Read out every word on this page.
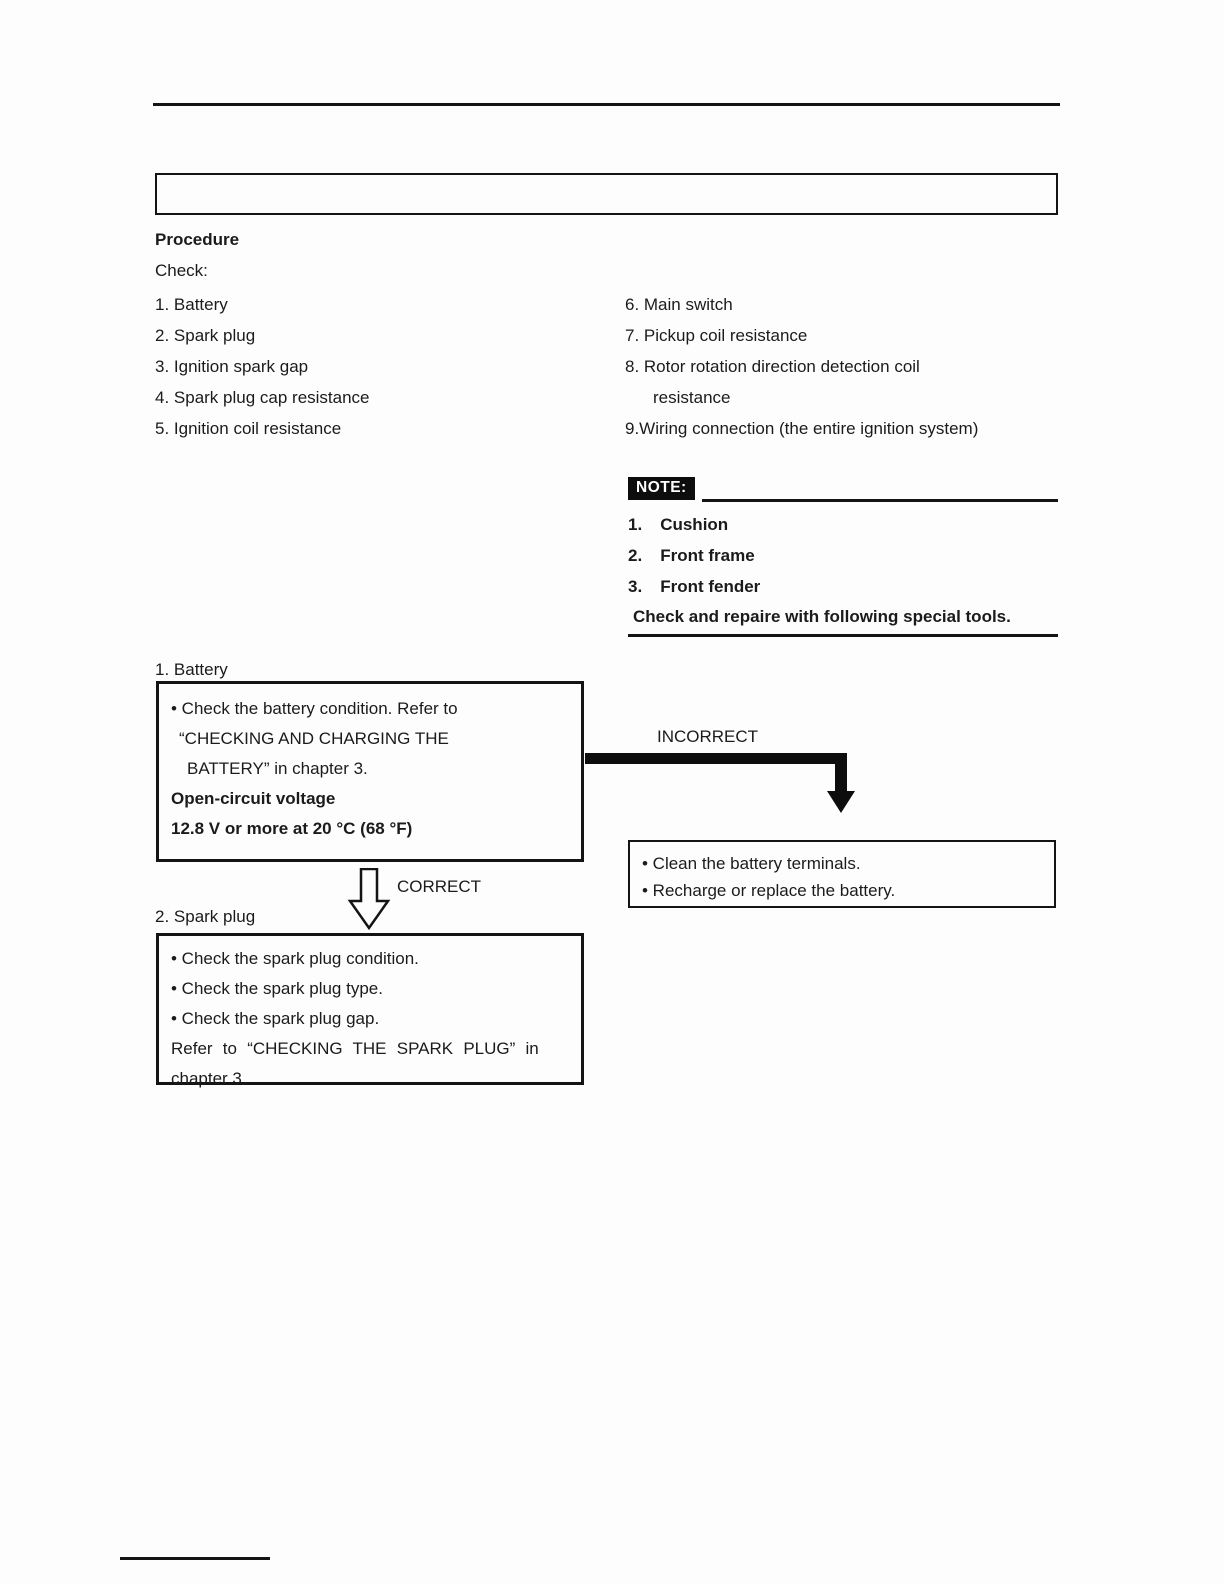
Procedure
Check:
1. Battery
2. Spark plug
3. Ignition spark gap
4. Spark plug cap resistance
5. Ignition coil resistance
6. Main switch
7. Pickup coil resistance
8. Rotor rotation direction detection coil
resistance
9.Wiring connection (the entire ignition system)
NOTE:
1. Cushion
2. Front frame
3. Front fender
Check and repaire with following special tools.
1. Battery
• Check the battery condition. Refer to
“CHECKING AND CHARGING THE
BATTERY” in chapter 3.
Open-circuit voltage
12.8 V or more at 20 °C (68 °F)
INCORRECT
• Clean the battery terminals.
• Recharge or replace the battery.
CORRECT
2. Spark plug
• Check the spark plug condition.
• Check the spark plug type.
• Check the spark plug gap.
Refer to “CHECKING THE SPARK PLUG” in
chapter 3.
